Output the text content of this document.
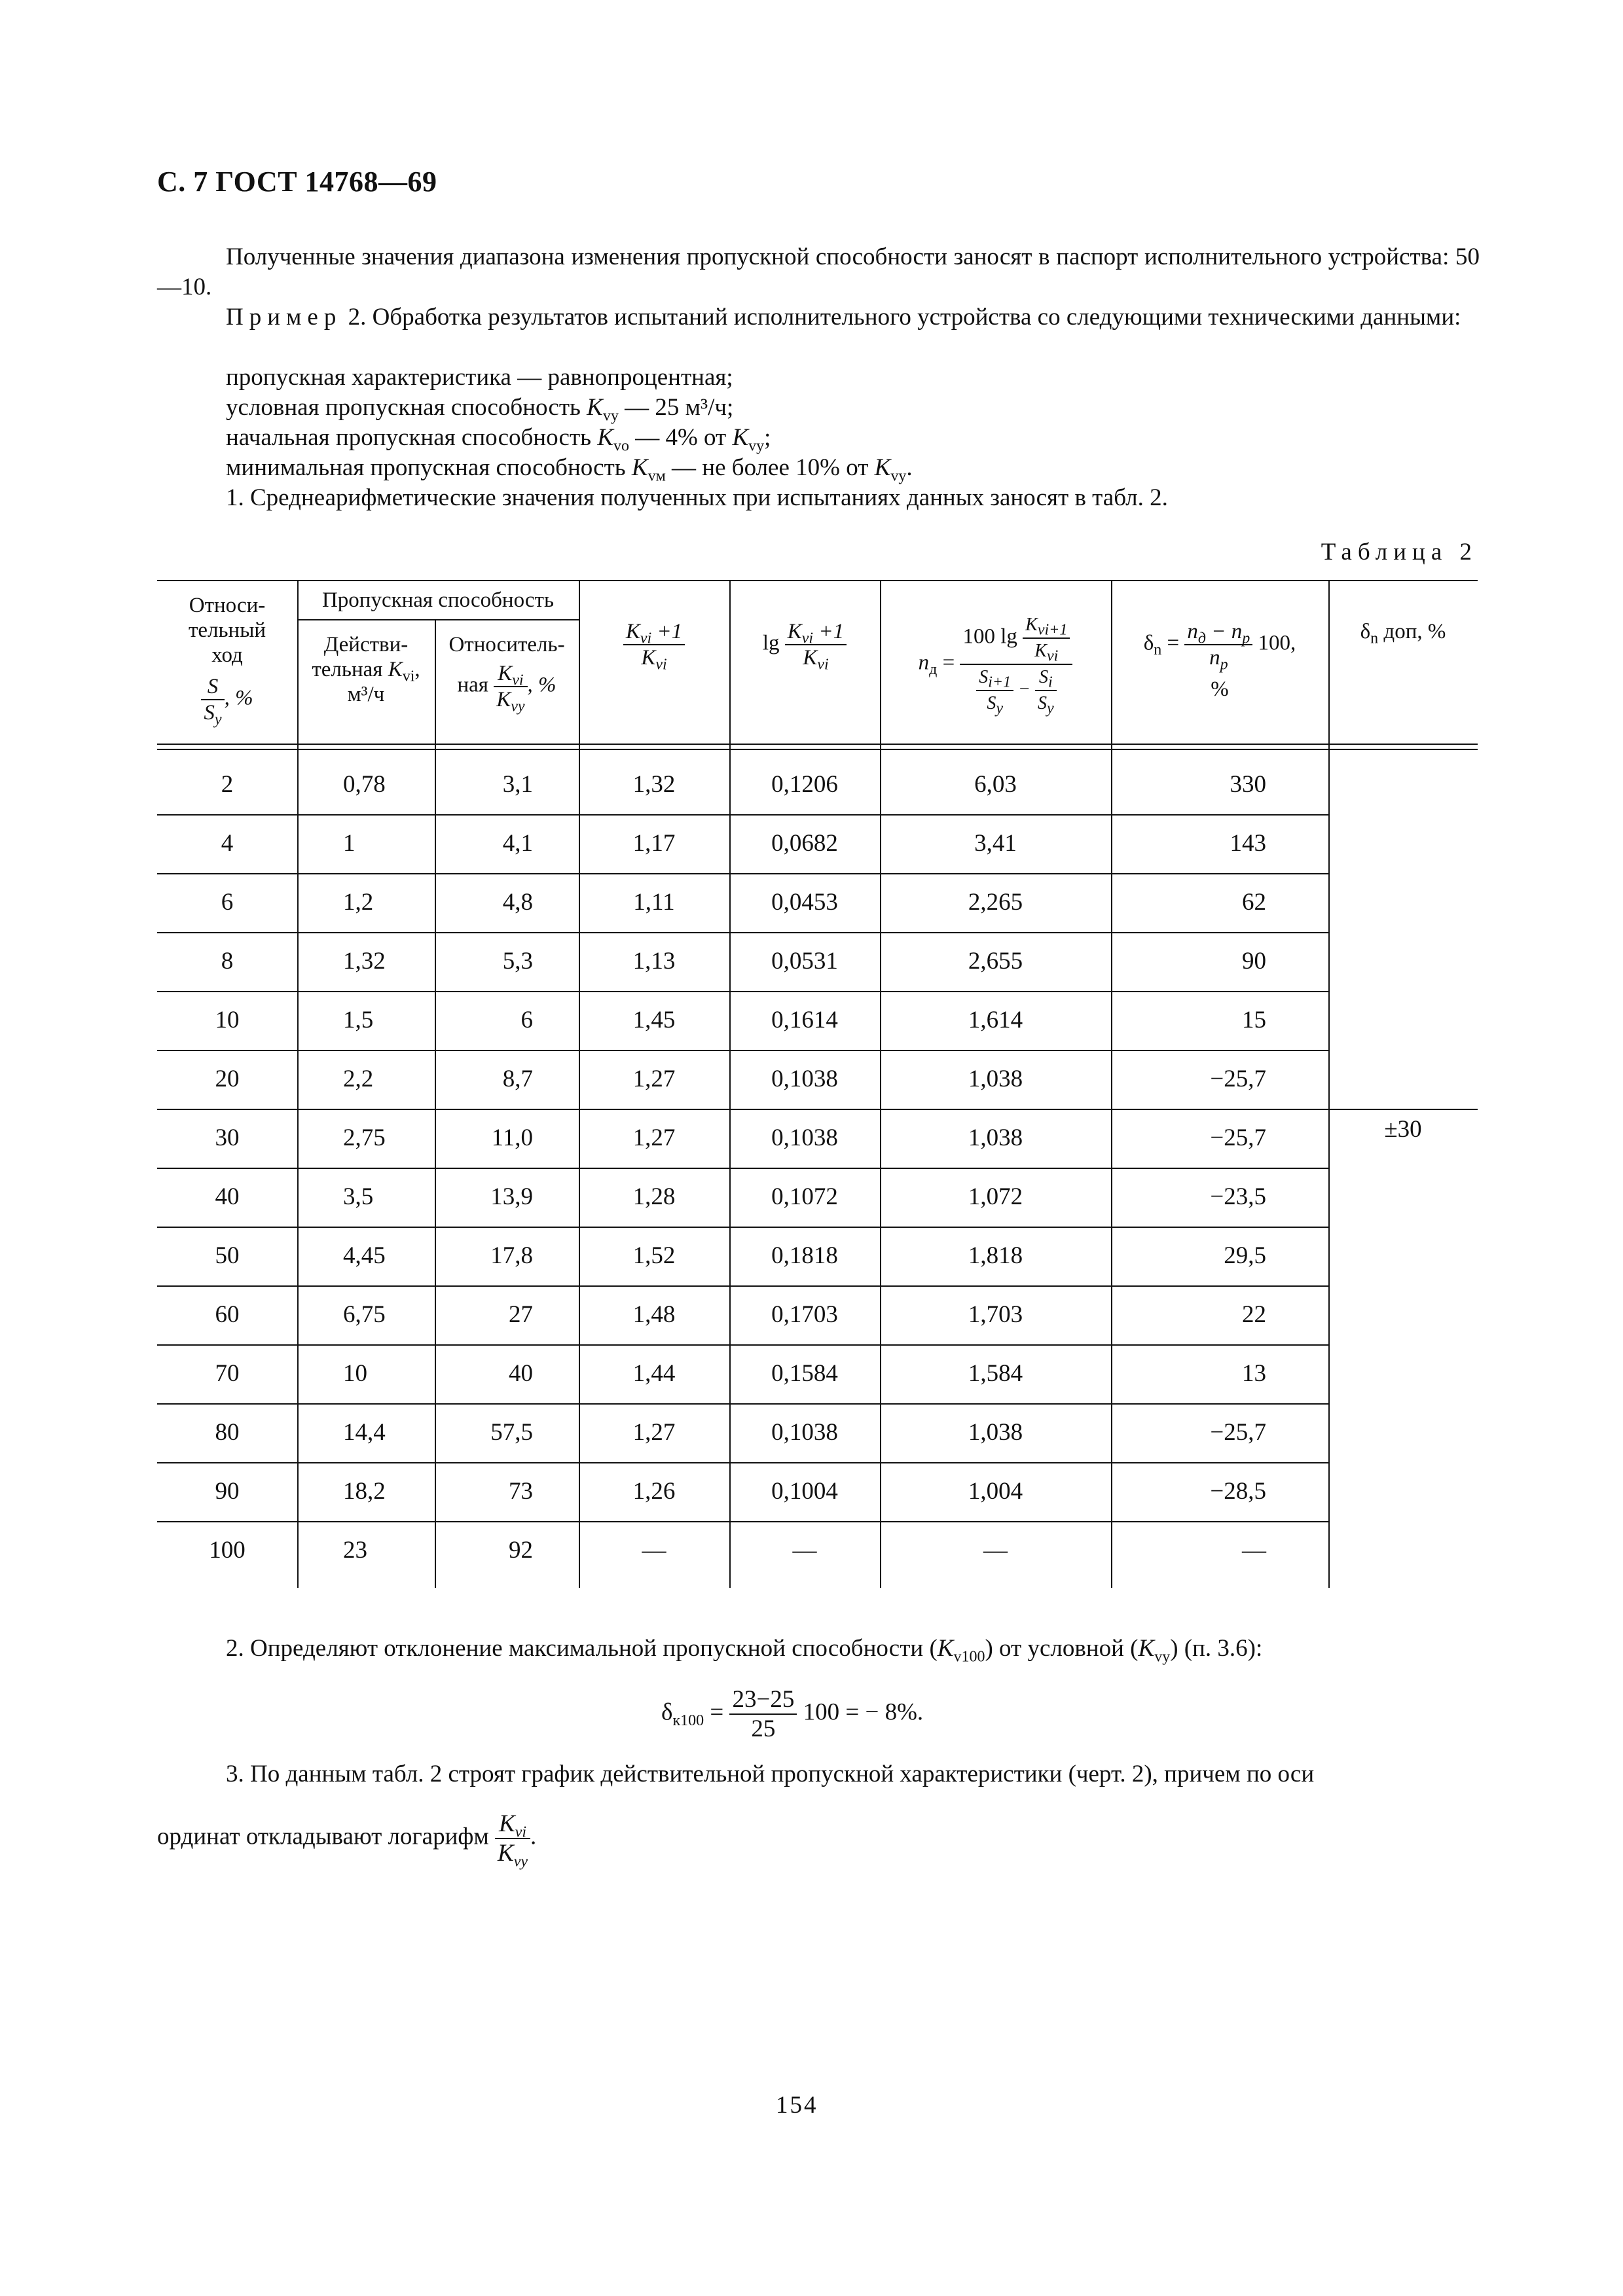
С. 7 ГОСТ 14768—69
Полученные значения диапазона изменения пропускной способности заносят в паспорт исполнительного устройства: 50—10.
Пример 2. Обработка результатов испытаний исполнительного устройства со следующими техническими данными:
пропускная характеристика — равнопроцентная;
условная пропускная способность $K_{vy}$ — 25 м³/ч;
начальная пропускная способность $K_{vo}$ — 4% от $K_{vy}$;
минимальная пропускная способность $K_{vм}$ — не более 10% от $K_{vy}$.
1. Среднеарифметические значения полученных при испытаниях данных заносят в табл. 2.
Таблица 2
Относи-
тельный
ход
$\frac{S}{S_y}$ , %
Пропускная способность
Действи-
тельная $K_{vi}$,
м³/ч
Относитель-
ная $\frac{K_{vi}}{K_{vy}}$ , %
$\frac{K_{vi} +1}{K_{vi}}$	$\lg \frac{K_{vi} +1}{K_{vi}}$	$n_д = \frac{100 \lg \frac{K_{vi+1}}{K_{vi}}}{\frac{S_{i+1}}{S_y} - \frac{S_i}{S_y}}$	$\delta_n = \frac{n_д - n_р}{n_р} 100$,
%
$\delta_n$ доп, %
2	0,78	3,1	1,32	0,1206	6,03	330
4	1	4,1	1,17	0,0682	3,41	143
6	1,2	4,8	1,11	0,0453	2,265	62
8	1,32	5,3	1,13	0,0531	2,655	90
10	1,5	6	1,45	0,1614	1,614	15
20	2,2	8,7	1,27	0,1038	1,038	−25,7
30	2,75	11,0	1,27	0,1038	1,038	−25,7
40	3,5	13,9	1,28	0,1072	1,072	−23,5
50	4,45	17,8	1,52	0,1818	1,818	29,5
60	6,75	27	1,48	0,1703	1,703	22
70	10	40	1,44	0,1584	1,584	13
80	14,4	57,5	1,27	0,1038	1,038	−25,7
90	18,2	73	1,26	0,1004	1,004	−28,5
100	23	92	—	—	—	—
±30
2. Определяют отклонение максимальной пропускной способности $(K_{v100})$ от условной $(K_{vy})$ (п. 3.6):
$\delta_{к100} = \frac{23-25}{25} 100$ = − 8%.
3. По данным табл. 2 строят график действительной пропускной характеристики (черт. 2), причем по оси
ординат откладывают логарифм $\frac{K_{vi}}{K_{vy}}$ .
154
